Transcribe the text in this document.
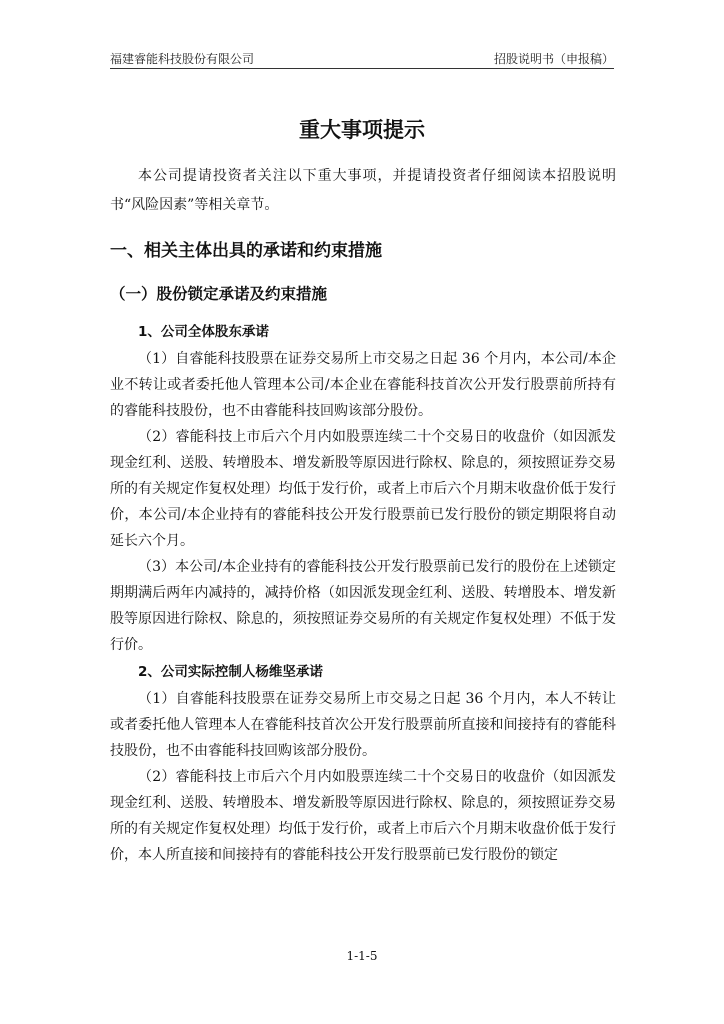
福建睿能科技股份有限公司	招股说明书（申报稿）
重大事项提示

本公司提请投资者关注以下重大事项，并提请投资者仔细阅读本招股说明书“风险因素”等相关章节。

一、相关主体出具的承诺和约束措施
（一）股份锁定承诺及约束措施
1、公司全体股东承诺

（1）自睿能科技股票在证券交易所上市交易之日起 36 个月内，本公司/本企业不转让或者委托他人管理本公司/本企业在睿能科技首次公开发行股票前所持有的睿能科技股份，也不由睿能科技回购该部分股份。

（2）睿能科技上市后六个月内如股票连续二十个交易日的收盘价（如因派发现金红利、送股、转增股本、增发新股等原因进行除权、除息的，须按照证券交易所的有关规定作复权处理）均低于发行价，或者上市后六个月期末收盘价低于发行价，本公司/本企业持有的睿能科技公开发行股票前已发行股份的锁定期限将自动延长六个月。

（3）本公司/本企业持有的睿能科技公开发行股票前已发行的股份在上述锁定期期满后两年内减持的，减持价格（如因派发现金红利、送股、转增股本、增发新股等原因进行除权、除息的，须按照证券交易所的有关规定作复权处理）不低于发行价。

2、公司实际控制人杨维坚承诺

（1）自睿能科技股票在证券交易所上市交易之日起 36 个月内，本人不转让或者委托他人管理本人在睿能科技首次公开发行股票前所直接和间接持有的睿能科技股份，也不由睿能科技回购该部分股份。

（2）睿能科技上市后六个月内如股票连续二十个交易日的收盘价（如因派发现金红利、送股、转增股本、增发新股等原因进行除权、除息的，须按照证券交易所的有关规定作复权处理）均低于发行价，或者上市后六个月期末收盘价低于发行价，本人所直接和间接持有的睿能科技公开发行股票前已发行股份的锁定

1-1-5
